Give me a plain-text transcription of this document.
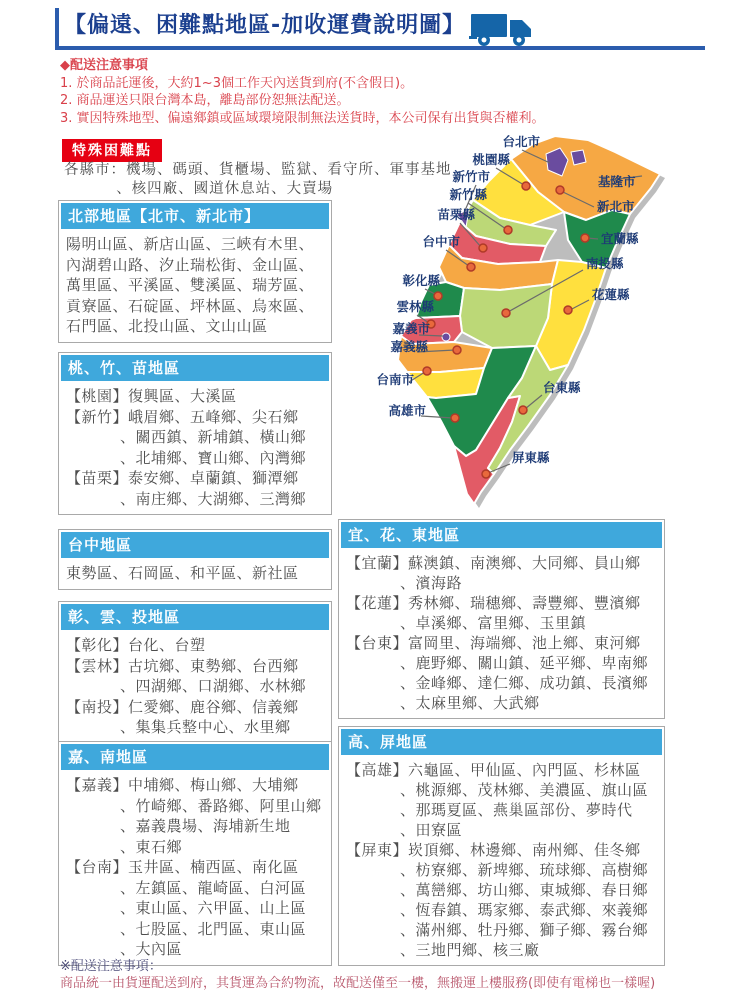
【偏遠、困難點地區-加收運費說明圖】
◆配送注意事項
1. 於商品託運後，大約1~3個工作天內送貨到府(不含假日)。
2. 商品運送只限台灣本島，離島部份恕無法配送。
3. 實因特殊地型、偏遠鄉鎮或區域環境限制無法送貨時，本公司保有出貨與否權利。
特殊困難點
各縣市：機場、碼頭、貨櫃場、監獄、看守所、軍事基地
、核四廠、國道休息站、大賣場
北部地區【北市、新北市】
陽明山區、新店山區、三峽有木里、
內湖碧山路、汐止瑞松街、金山區、
萬里區、平溪區、雙溪區、瑞芳區、
貢寮區、石碇區、坪林區、烏來區、
石門區、北投山區、文山山區
桃、竹、苗地區
【桃園】復興區、大溪區
【新竹】峨眉鄉、五峰鄉、尖石鄉
、關西鎮、新埔鎮、橫山鄉
、北埔鄉、寶山鄉、內灣鄉
【苗栗】泰安鄉、卓蘭鎮、獅潭鄉
、南庄鄉、大湖鄉、三灣鄉
台中地區
東勢區、石岡區、和平區、新社區
彰、雲、投地區
【彰化】台化、台塑
【雲林】古坑鄉、東勢鄉、台西鄉
、四湖鄉、口湖鄉、水林鄉
【南投】仁愛鄉、鹿谷鄉、信義鄉
、集集兵整中心、水里鄉
嘉、南地區
【嘉義】中埔鄉、梅山鄉、大埔鄉
、竹崎鄉、番路鄉、阿里山鄉
、嘉義農場、海埔新生地
、東石鄉
【台南】玉井區、楠西區、南化區
、左鎮區、龍崎區、白河區
、東山區、六甲區、山上區
、七股區、北門區、東山區
、大內區
宜、花、東地區
【宜蘭】蘇澳鎮、南澳鄉、大同鄉、員山鄉
、濱海路
【花蓮】秀林鄉、瑞穗鄉、壽豐鄉、豐濱鄉
、卓溪鄉、富里鄉、玉里鎮
【台東】富岡里、海端鄉、池上鄉、東河鄉
、鹿野鄉、關山鎮、延平鄉、卑南鄉
、金峰鄉、達仁鄉、成功鎮、長濱鄉
、太麻里鄉、大武鄉
高、屏地區
【高雄】六龜區、甲仙區、內門區、杉林區
、桃源鄉、茂林鄉、美濃區、旗山區
、那瑪夏區、燕巢區部份、夢時代
、田寮區
【屏東】崁頂鄉、林邊鄉、南州鄉、佳冬鄉
、枋寮鄉、新埤鄉、琉球鄉、高樹鄉
、萬巒鄉、坊山鄉、東城鄉、春日鄉
、恆春鎮、瑪家鄉、泰武鄉、來義鄉
、滿州鄉、牡丹鄉、獅子鄉、霧台鄉
、三地門鄉、核三廠
台北市
桃園縣
新竹市
新竹縣
苗栗縣
台中市
彰化縣
雲林縣
嘉義市
嘉義縣
台南市
高雄市
基隆市
新北市
宜蘭縣
南投縣
花蓮縣
台東縣
屏東縣
※配送注意事項：
商品統一由貨運配送到府，其貨運為合約物流，故配送僅至一樓，無搬運上樓服務(即使有電梯也一樣喔)
